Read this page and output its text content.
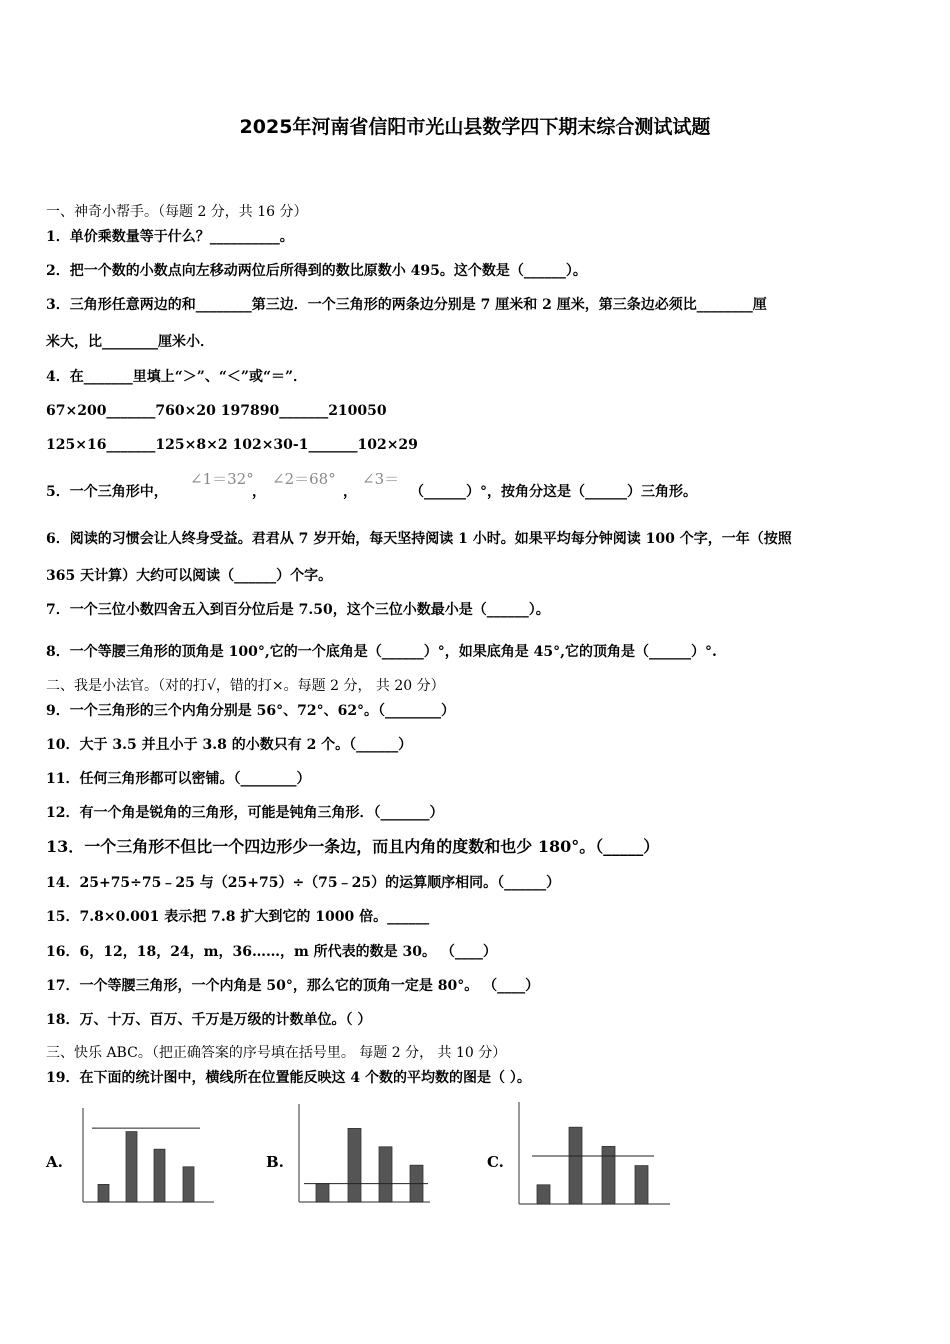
2025年河南省信阳市光山县数学四下期末综合测试试题
一、神奇小帮手。（每题 2 分，共 16 分）
1．单价乘数量等于什么？__________。
2．把一个数的小数点向左移动两位后所得到的数比原数小 495。这个数是（______）。
3．三角形任意两边的和________第三边．一个三角形的两条边分别是 7 厘米和 2 厘米，第三条边必须比________厘
米大，比________厘米小．
4．在_______里填上“＞”、“＜”或“＝”．
67×200_______760×20 197890_______210050
125×16_______125×8×2 102×30-1_______102×29
5．一个三角形中，
∠1＝32°
，
∠2＝68°
，
∠3＝
（______）°，按角分这是（______）三角形。
6．阅读的习惯会让人终身受益。君君从 7 岁开始，每天坚持阅读 1 小时。如果平均每分钟阅读 100 个字，一年（按照
365 天计算）大约可以阅读（______）个字。
7．一个三位小数四舍五入到百分位后是 7.50，这个三位小数最小是（______）。
8．一个等腰三角形的顶角是 100°,它的一个底角是（______）°，如果底角是 45°,它的顶角是（______）°.
二、我是小法官。（对的打√，错的打×。每题 2 分， 共 20 分）
9．一个三角形的三个内角分别是 56°、72°、62°。（________）
10．大于 3.5 并且小于 3.8 的小数只有 2 个。（______）
11．任何三角形都可以密铺。（________）
12．有一个角是锐角的三角形，可能是钝角三角形．（_______）
13．一个三角形不但比一个四边形少一条边，而且内角的度数和也少 180°。（_____）
14．25+75÷75﹣25 与（25+75）÷（75﹣25）的运算顺序相同。（______）
15．7.8×0.001 表示把 7.8 扩大到它的 1000 倍。______
16．6，12，18，24，m，36……，m 所代表的数是 30。 （____）
17．一个等腰三角形，一个内角是 50°，那么它的顶角一定是 80°。 （____）
18．万、十万、百万、千万是万级的计数单位。（ ）
三、快乐 ABC。（把正确答案的序号填在括号里。 每题 2 分， 共 10 分）
19．在下面的统计图中，横线所在位置能反映这 4 个数的平均数的图是（ ）。
A.	B.	C.
